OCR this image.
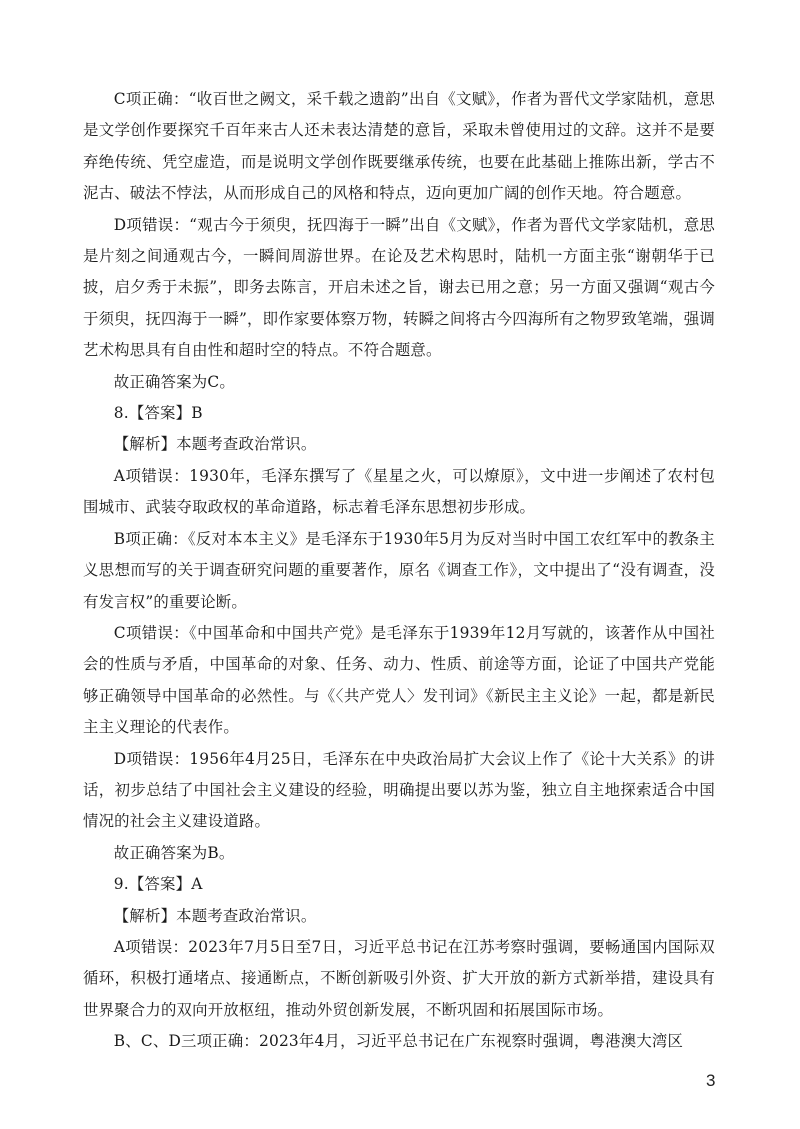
C项正确：“收百世之阙文，采千载之遗韵”出自《文赋》，作者为晋代文学家陆机，意思是文学创作要探究千百年来古人还未表达清楚的意旨，采取未曾使用过的文辞。这并不是要弃绝传统、凭空虚造，而是说明文学创作既要继承传统，也要在此基础上推陈出新，学古不泥古、破法不悖法，从而形成自己的风格和特点，迈向更加广阔的创作天地。符合题意。

D项错误：“观古今于须臾，抚四海于一瞬”出自《文赋》，作者为晋代文学家陆机，意思是片刻之间通观古今，一瞬间周游世界。在论及艺术构思时，陆机一方面主张“谢朝华于已披，启夕秀于未振”，即务去陈言，开启未述之旨，谢去已用之意；另一方面又强调“观古今于须臾，抚四海于一瞬”，即作家要体察万物，转瞬之间将古今四海所有之物罗致笔端，强调艺术构思具有自由性和超时空的特点。不符合题意。

故正确答案为C。

8.【答案】B

【解析】本题考查政治常识。

A项错误：1930年，毛泽东撰写了《星星之火，可以燎原》，文中进一步阐述了农村包围城市、武装夺取政权的革命道路，标志着毛泽东思想初步形成。

B项正确：《反对本本主义》是毛泽东于1930年5月为反对当时中国工农红军中的教条主义思想而写的关于调查研究问题的重要著作，原名《调查工作》，文中提出了“没有调查，没有发言权”的重要论断。

C项错误：《中国革命和中国共产党》是毛泽东于1939年12月写就的，该著作从中国社会的性质与矛盾，中国革命的对象、任务、动力、性质、前途等方面，论证了中国共产党能够正确领导中国革命的必然性。与《〈共产党人〉发刊词》《新民主主义论》一起，都是新民主主义理论的代表作。

D项错误：1956年4月25日，毛泽东在中央政治局扩大会议上作了《论十大关系》的讲话，初步总结了中国社会主义建设的经验，明确提出要以苏为鉴，独立自主地探索适合中国情况的社会主义建设道路。

故正确答案为B。

9.【答案】A

【解析】本题考查政治常识。

A项错误：2023年7月5日至7日，习近平总书记在江苏考察时强调，要畅通国内国际双循环，积极打通堵点、接通断点，不断创新吸引外资、扩大开放的新方式新举措，建设具有世界聚合力的双向开放枢纽，推动外贸创新发展，不断巩固和拓展国际市场。

B、C、D三项正确：2023年4月，习近平总书记在广东视察时强调，粤港澳大湾区

3
